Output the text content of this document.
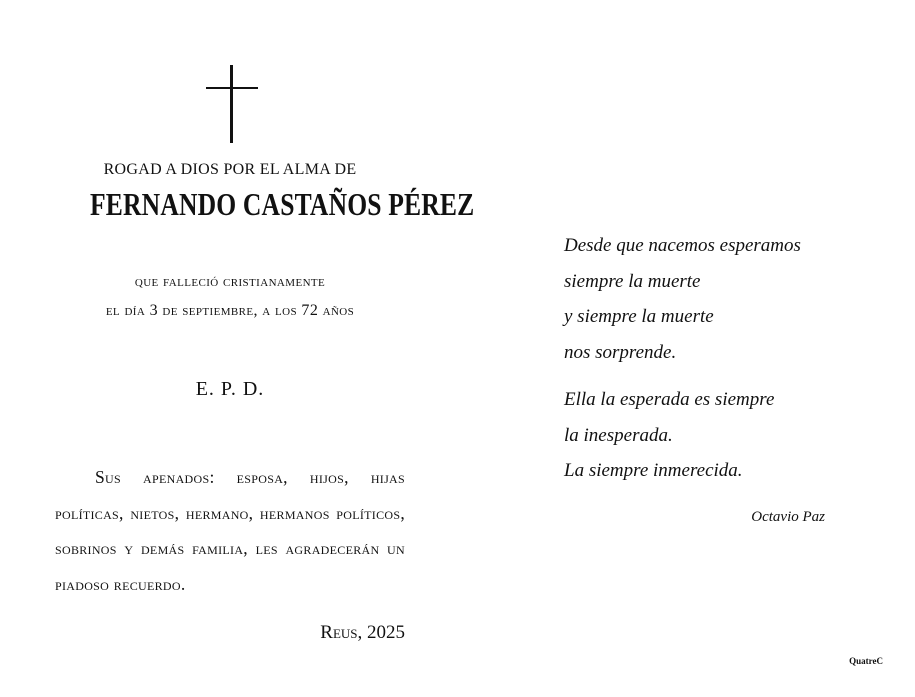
ROGAD A DIOS POR EL ALMA DE
FERNANDO CASTAÑOS PÉREZ
que falleció cristianamente
el día 3 de septiembre, a los 72 años
E. P. D.
Sus apenados: esposa, hijos, hijas políticas, nietos, hermano, hermanos políticos, sobrinos y demás familia, les agradecerán un piadoso recuerdo.
Reus, 2025
Desde que nacemos esperamos
siempre la muerte
y siempre la muerte
nos sorprende.
Ella la esperada es siempre
la inesperada.
La siempre inmerecida.
Octavio Paz
QuatreC
